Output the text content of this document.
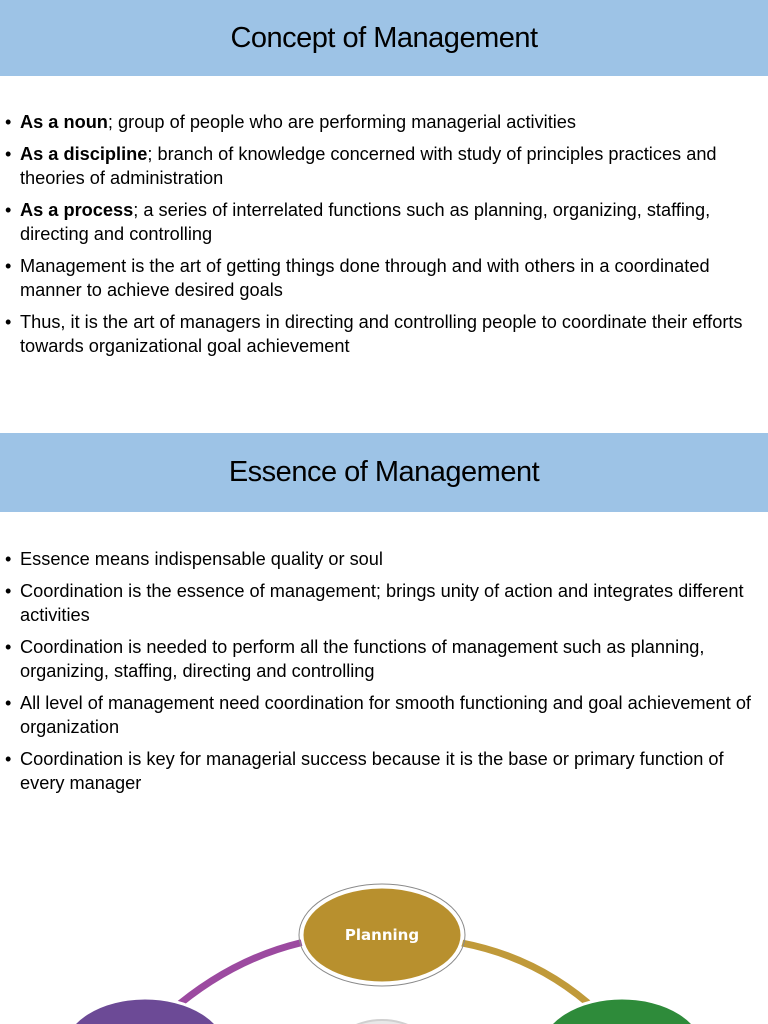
Concept of Management
• As a noun; group of people who are performing managerial activities
• As a discipline; branch of knowledge concerned with study of principles practices and theories of administration
• As a process; a series of interrelated functions such as planning, organizing, staffing, directing and controlling
• Management is the art of getting things done through and with others in a coordinated manner to achieve desired goals
• Thus, it is the art of managers in directing and controlling people to coordinate their efforts towards organizational goal achievement
Essence of Management
• Essence means indispensable quality or soul
• Coordination is the essence of management; brings unity of action and integrates different activities
• Coordination is needed to perform all the functions of management such as planning, organizing, staffing, directing and controlling
• All level of management need coordination for smooth functioning and goal achievement of organization
• Coordination is key for managerial success because it is the base or primary function of every manager
Planning
